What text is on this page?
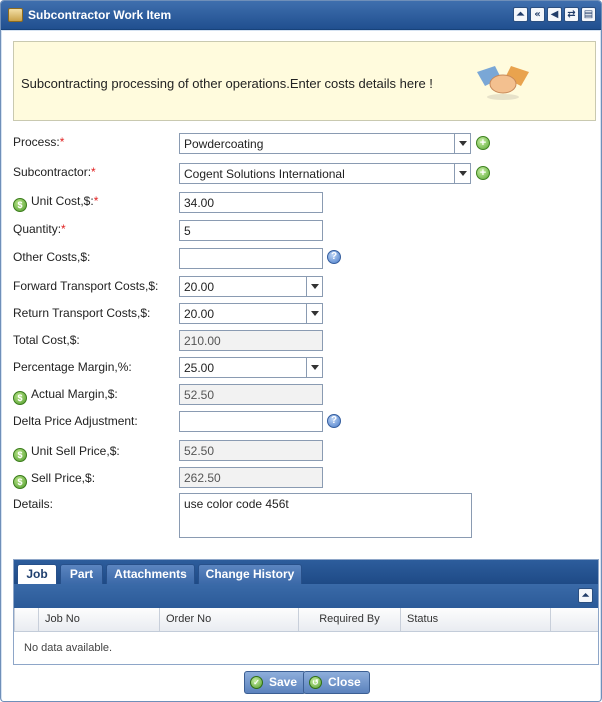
Subcontractor Work Item	⏶ « ◀ ⇄ ▤
Subcontracting processing of other operations.Enter costs details here !
Process:*	Powdercoating	+
Subcontractor:*	Cogent Solutions International	+
$ Unit Cost,$:*	34.00
Quantity:*	5
Other Costs,$:	?
Forward Transport Costs,$:	20.00
Return Transport Costs,$:	20.00
Total Cost,$:	210.00
Percentage Margin,%:	25.00
$ Actual Margin,$:	52.50
Delta Price Adjustment:	?
$ Unit Sell Price,$:	52.50
$ Sell Price,$:	262.50
Details:	use color code 456t
Job	Part	Attachments	Change History
⏶
Job No	Order No	Required By	Status
No data available.
✓ Save	↺ Close
